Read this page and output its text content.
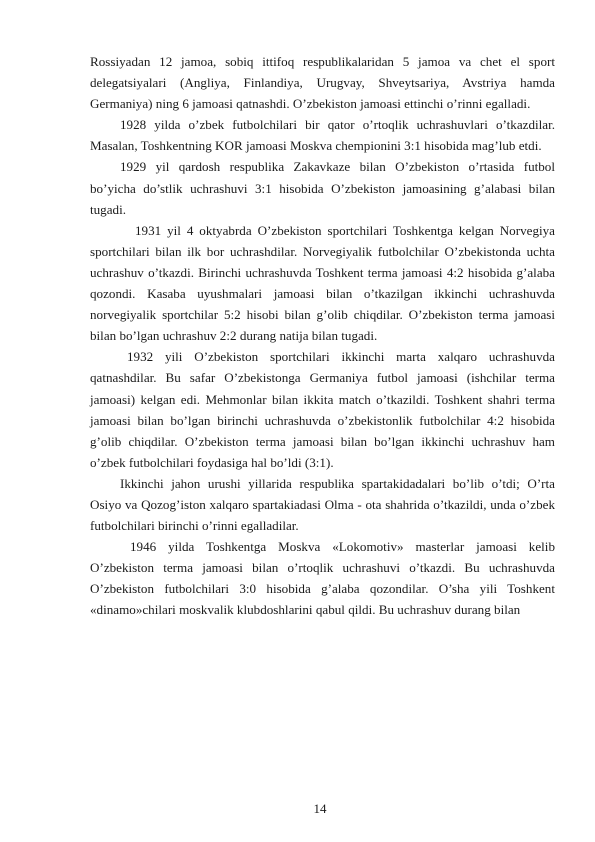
Rossiyadan 12 jamoa, sobiq ittifoq respublikalaridan 5 jamoa va chet el sport delegatsiyalari (Angliya, Finlandiya, Urugvay, Shveytsariya, Avstriya hamda Germaniya) ning 6 jamoasi qatnashdi. O’zbekiston jamoasi ettinchi o’rinni egalladi.

1928 yilda o’zbek futbolchilari bir qator o’rtoqlik uchrashuvlari o’tkazdilar. Masalan, Toshkentning KOR jamoasi Moskva chempionini 3:1 hisobida mag’lub etdi.

1929 yil qardosh respublika Zakavkaze bilan O’zbekiston o’rtasida futbol bo’yicha do’stlik uchrashuvi 3:1 hisobida O’zbekiston jamoasining g’alabasi bilan tugadi.

1931 yil 4 oktyabrda O’zbekiston sportchilari Toshkentga kelgan Norvegiya sportchilari bilan ilk bor uchrashdilar. Norvegiyalik futbolchilar O’zbekistonda uchta uchrashuv o’tkazdi. Birinchi uchrashuvda Toshkent terma jamoasi 4:2 hisobida g’alaba qozondi. Kasaba uyushmalari jamoasi bilan o’tkazilgan ikkinchi uchrashuvda norvegiyalik sportchilar 5:2 hisobi bilan g’olib chiqdilar. O’zbekiston terma jamoasi bilan bo’lgan uchrashuv 2:2 durang natija bilan tugadi.

1932 yili O’zbekiston sportchilari ikkinchi marta xalqaro uchrashuvda qatnashdilar. Bu safar O’zbekistonga Germaniya futbol jamoasi (ishchilar terma jamoasi) kelgan edi. Mehmonlar bilan ikkita match o’tkazildi. Toshkent shahri terma jamoasi bilan bo’lgan birinchi uchrashuvda o’zbekistonlik futbolchilar 4:2 hisobida g’olib chiqdilar. O’zbekiston terma jamoasi bilan bo’lgan ikkinchi uchrashuv ham o’zbek futbolchilari foydasiga hal bo’ldi (3:1).

Ikkinchi jahon urushi yillarida respublika spartakidadalari bo’lib o’tdi; O’rta Osiyo va Qozog’iston xalqaro spartakiadasi Olma - ota shahrida o’tkazildi, unda o’zbek futbolchilari birinchi o’rinni egalladilar.

1946 yilda Toshkentga Moskva «Lokomotiv» masterlar jamoasi kelib O’zbekiston terma jamoasi bilan o’rtoqlik uchrashuvi o’tkazdi. Bu uchrashuvda O’zbekiston futbolchilari 3:0 hisobida g’alaba qozondilar. O’sha yili Toshkent «dinamo»chilari moskvalik klubdoshlarini qabul qildi. Bu uchrashuv durang bilan

14
